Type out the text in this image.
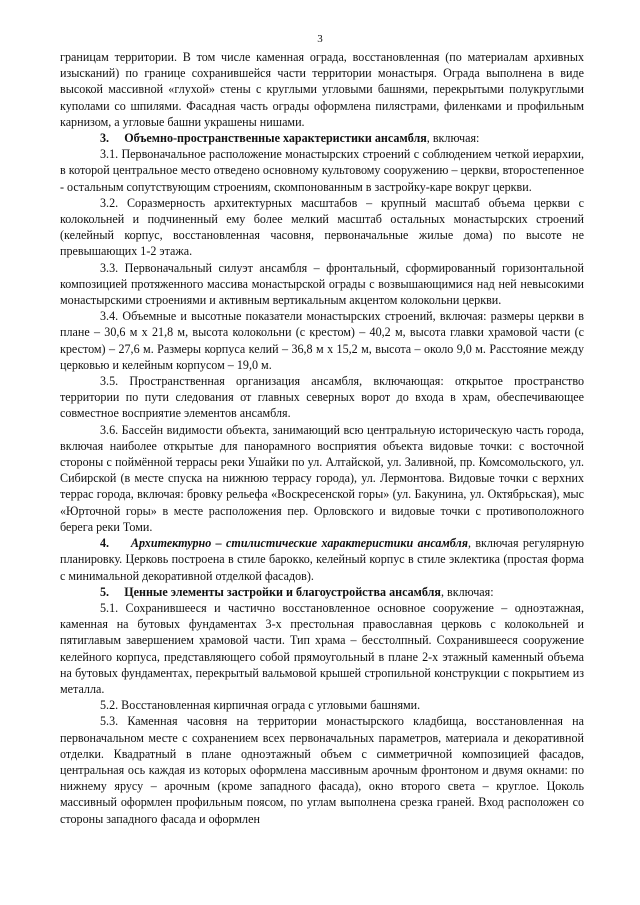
3

границам территории. В том числе каменная ограда, восстановленная (по материалам архивных изысканий) по границе сохранившейся части территории монастыря. Ограда выполнена в виде высокой массивной «глухой» стены с круглыми угловыми башнями, перекрытыми полукруглыми куполами со шпилями. Фасадная часть ограды оформлена пилястрами, филенками и профильным карнизом, а угловые башни украшены нишами.

3. Объемно-пространственные характеристики ансамбля, включая:

3.1. Первоначальное расположение монастырских строений с соблюдением четкой иерархии, в которой центральное место отведено основному культовому сооружению – церкви, второстепенное - остальным сопутствующим строениям, скомпонованным в застройку-каре вокруг церкви.

3.2. Соразмерность архитектурных масштабов – крупный масштаб объема церкви с колокольней и подчиненный ему более мелкий масштаб остальных монастырских строений (келейный корпус, восстановленная часовня, первоначальные жилые дома) по высоте не превышающих 1-2 этажа.

3.3. Первоначальный силуэт ансамбля – фронтальный, сформированный горизонтальной композицией протяженного массива монастырской ограды с возвышающимися над ней невысокими монастырскими строениями и активным вертикальным акцентом колокольни церкви.

3.4. Объемные и высотные показатели монастырских строений, включая: размеры церкви в плане – 30,6 м х 21,8 м, высота колокольни (с крестом) – 40,2 м, высота главки храмовой части (с крестом) – 27,6 м. Размеры корпуса келий – 36,8 м х 15,2 м, высота – около 9,0 м. Расстояние между церковью и келейным корпусом – 19,0 м.

3.5. Пространственная организация ансамбля, включающая: открытое пространство территории по пути следования от главных северных ворот до входа в храм, обеспечивающее совместное восприятие элементов ансамбля.

3.6. Бассейн видимости объекта, занимающий всю центральную историческую часть города, включая наиболее открытые для панорамного восприятия объекта видовые точки: с восточной стороны с поймённой террасы реки Ушайки по ул. Алтайской, ул. Заливной, пр. Комсомольского, ул. Сибирской (в месте спуска на нижнюю террасу города), ул. Лермонтова. Видовые точки с верхних террас города, включая: бровку рельефа «Воскресенской горы» (ул. Бакунина, ул. Октябрьская), мыс «Юрточной горы» в месте расположения пер. Орловского и видовые точки с противоположного берега реки Томи.

4. Архитектурно – стилистические характеристики ансамбля, включая регулярную планировку. Церковь построена в стиле барокко, келейный корпус в стиле эклектика (простая форма с минимальной декоративной отделкой фасадов).

5. Ценные элементы застройки и благоустройства ансамбля, включая:

5.1. Сохранившееся и частично восстановленное основное сооружение – одноэтажная, каменная на бутовых фундаментах 3-х престольная православная церковь с колокольней и пятиглавым завершением храмовой части. Тип храма – бесстолпный. Сохранившееся сооружение келейного корпуса, представляющего собой прямоугольный в плане 2-х этажный каменный объема на бутовых фундаментах, перекрытый вальмовой крышей стропильной конструкции с покрытием из металла.

5.2. Восстановленная кирпичная ограда с угловыми башнями.

5.3. Каменная часовня на территории монастырского кладбища, восстановленная на первоначальном месте с сохранением всех первоначальных параметров, материала и декоративной отделки. Квадратный в плане одноэтажный объем с симметричной композицией фасадов, центральная ось каждая из которых оформлена массивным арочным фронтоном и двумя окнами: по нижнему ярусу – арочным (кроме западного фасада), окно второго света – круглое. Цоколь массивный оформлен профильным поясом, по углам выполнена срезка граней. Вход расположен со стороны западного фасада и оформлен
